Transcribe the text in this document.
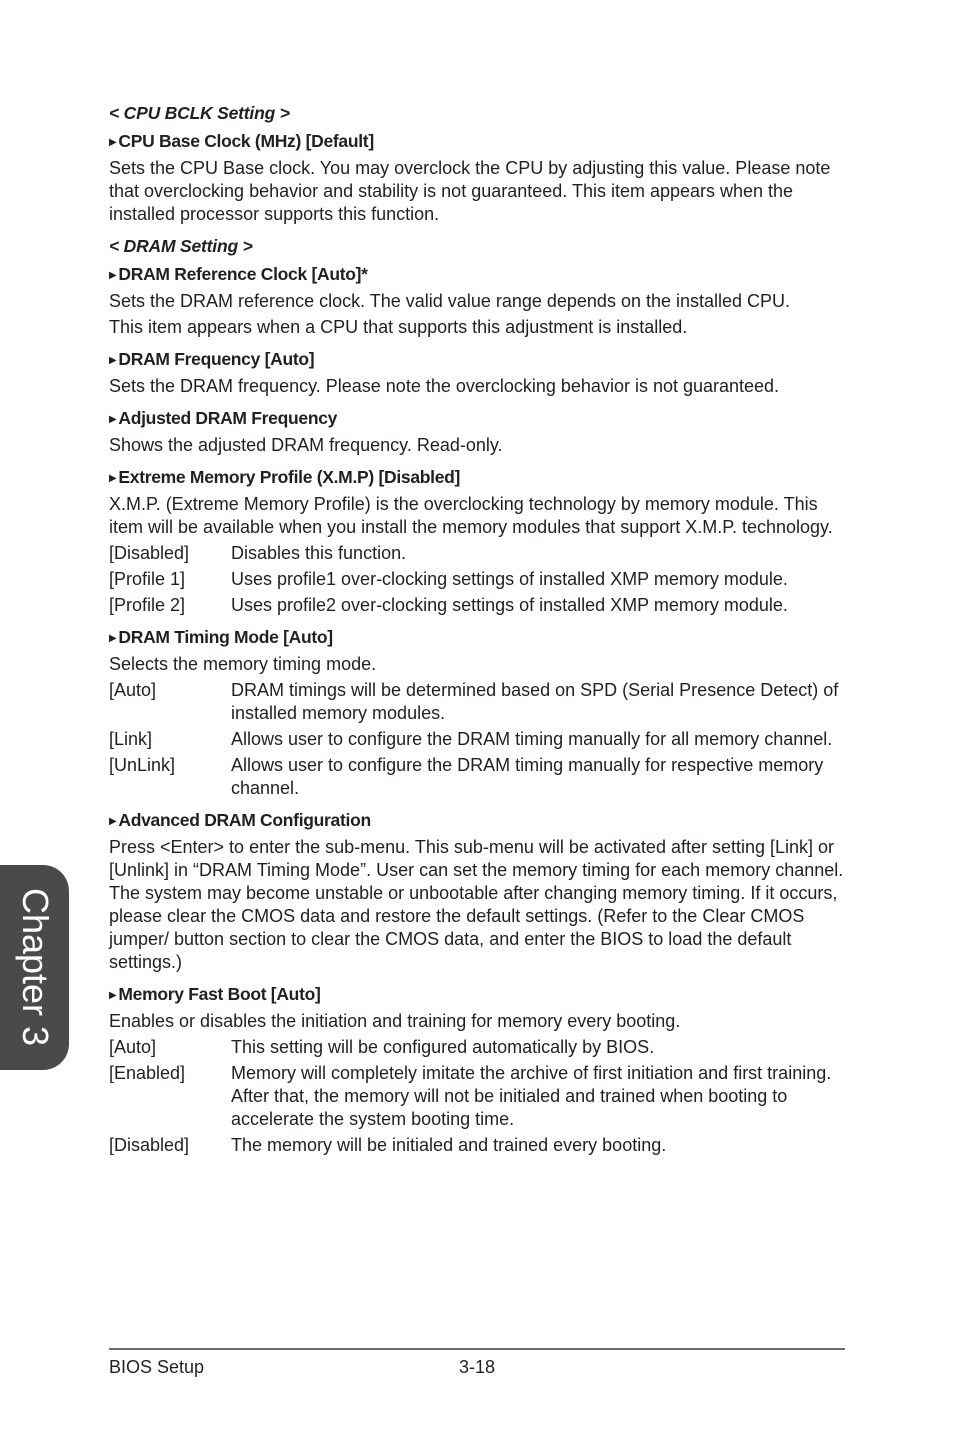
< CPU BCLK Setting >

▶ CPU Base Clock (MHz) [Default]

Sets the CPU Base clock. You may overclock the CPU by adjusting this value. Please note that overclocking behavior and stability is not guaranteed. This item appears when the installed processor supports this function.

< DRAM Setting >

▶ DRAM Reference Clock [Auto]*

Sets the DRAM reference clock. The valid value range depends on the installed CPU.

This item appears when a CPU that supports this adjustment is installed.

▶ DRAM Frequency [Auto]

Sets the DRAM frequency. Please note the overclocking behavior is not guaranteed.

▶ Adjusted DRAM Frequency

Shows the adjusted DRAM frequency. Read-only.

▶ Extreme Memory Profile (X.M.P) [Disabled]

X.M.P. (Extreme Memory Profile) is the overclocking technology by memory module. This item will be available when you install the memory modules that support X.M.P. technology.

[Disabled]	Disables this function.
[Profile 1]	Uses profile1 over-clocking settings of installed XMP memory module.
[Profile 2]	Uses profile2 over-clocking settings of installed XMP memory module.

▶ DRAM Timing Mode [Auto]

Selects the memory timing mode.

[Auto]	DRAM timings will be determined based on SPD (Serial Presence Detect) of installed memory modules.
[Link]	Allows user to configure the DRAM timing manually for all memory channel.
[UnLink]	Allows user to configure the DRAM timing manually for respective memory channel.

▶ Advanced DRAM Configuration

Press <Enter> to enter the sub-menu. This sub-menu will be activated after setting [Link] or [Unlink] in “DRAM Timing Mode”. User can set the memory timing for each memory channel. The system may become unstable or unbootable after changing memory timing. If it occurs, please clear the CMOS data and restore the default settings. (Refer to the Clear CMOS jumper/ button section to clear the CMOS data, and enter the BIOS to load the default settings.)

▶ Memory Fast Boot [Auto]

Enables or disables the initiation and training for memory every booting.

[Auto]	This setting will be configured automatically by BIOS.
[Enabled]	Memory will completely imitate the archive of first initiation and first training. After that, the memory will not be initialed and trained when booting to accelerate the system booting time.
[Disabled]	The memory will be initialed and trained every booting.
Chapter 3
BIOS Setup	3-18
